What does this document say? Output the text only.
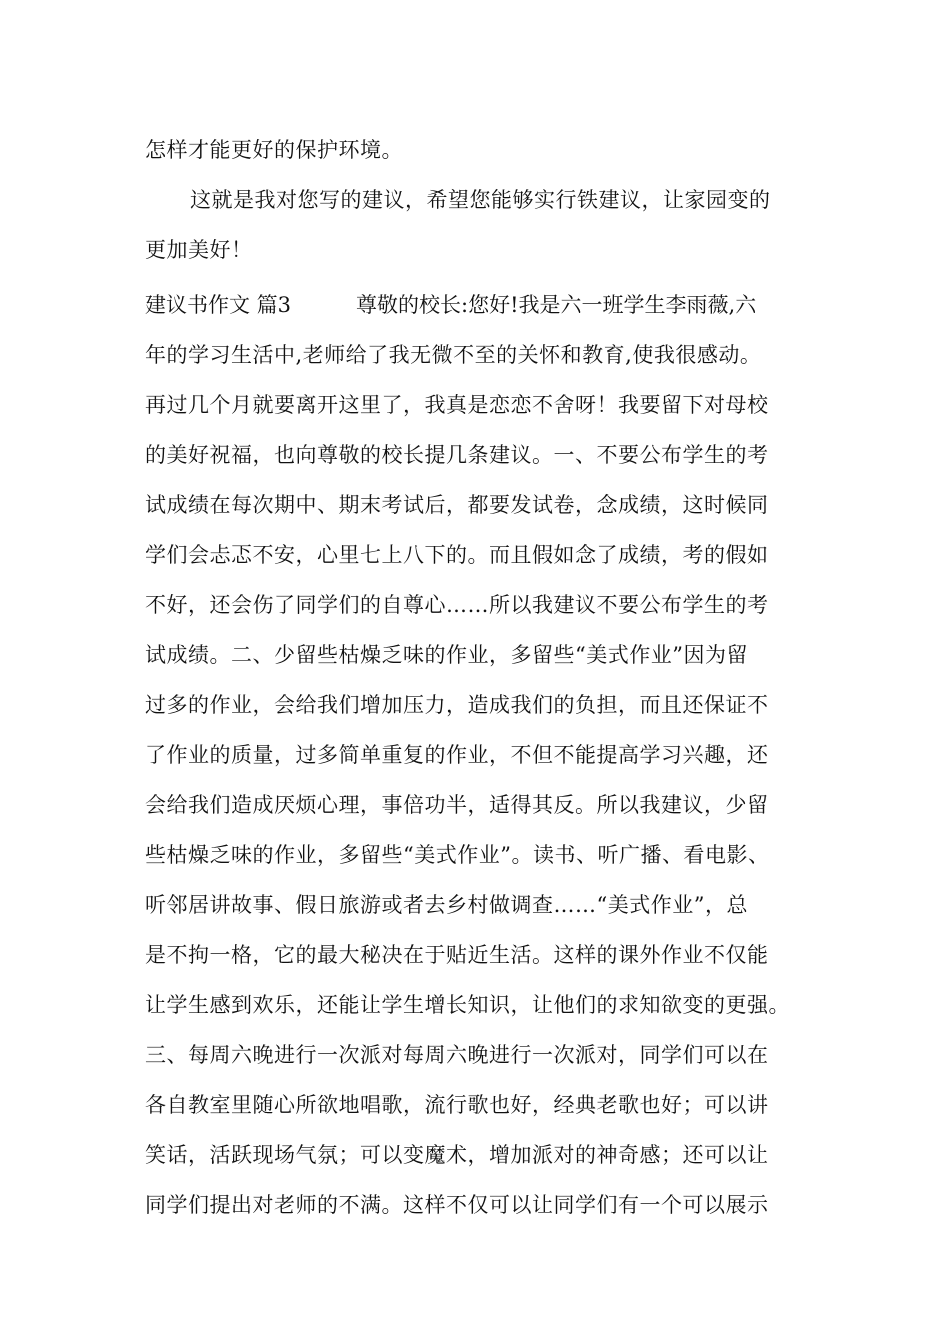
怎样才能更好的保护环境。
这就是我对您写的建议，希望您能够实行铁建议，让家园变的
更加美好！
建议书作文 篇3	尊敬的校长:您好!我是六一班学生李雨薇,六
年的学习生活中,老师给了我无微不至的关怀和教育,使我很感动。
再过几个月就要离开这里了，我真是恋恋不舍呀！我要留下对母校
的美好祝福，也向尊敬的校长提几条建议。一、不要公布学生的考
试成绩在每次期中、期末考试后，都要发试卷，念成绩，这时候同
学们会忐忑不安，心里七上八下的。而且假如念了成绩，考的假如
不好，还会伤了同学们的自尊心……所以我建议不要公布学生的考
试成绩。二、少留些枯燥乏味的作业，多留些“美式作业”因为留
过多的作业，会给我们增加压力，造成我们的负担，而且还保证不
了作业的质量，过多简单重复的作业，不但不能提高学习兴趣，还
会给我们造成厌烦心理，事倍功半，适得其反。所以我建议，少留
些枯燥乏味的作业，多留些“美式作业”。读书、听广播、看电影、
听邻居讲故事、假日旅游或者去乡村做调查……“美式作业”，总
是不拘一格，它的最大秘决在于贴近生活。这样的课外作业不仅能
让学生感到欢乐，还能让学生增长知识，让他们的求知欲变的更强。
三、每周六晚进行一次派对每周六晚进行一次派对，同学们可以在
各自教室里随心所欲地唱歌，流行歌也好，经典老歌也好；可以讲
笑话，活跃现场气氛；可以变魔术，增加派对的神奇感；还可以让
同学们提出对老师的不满。这样不仅可以让同学们有一个可以展示
